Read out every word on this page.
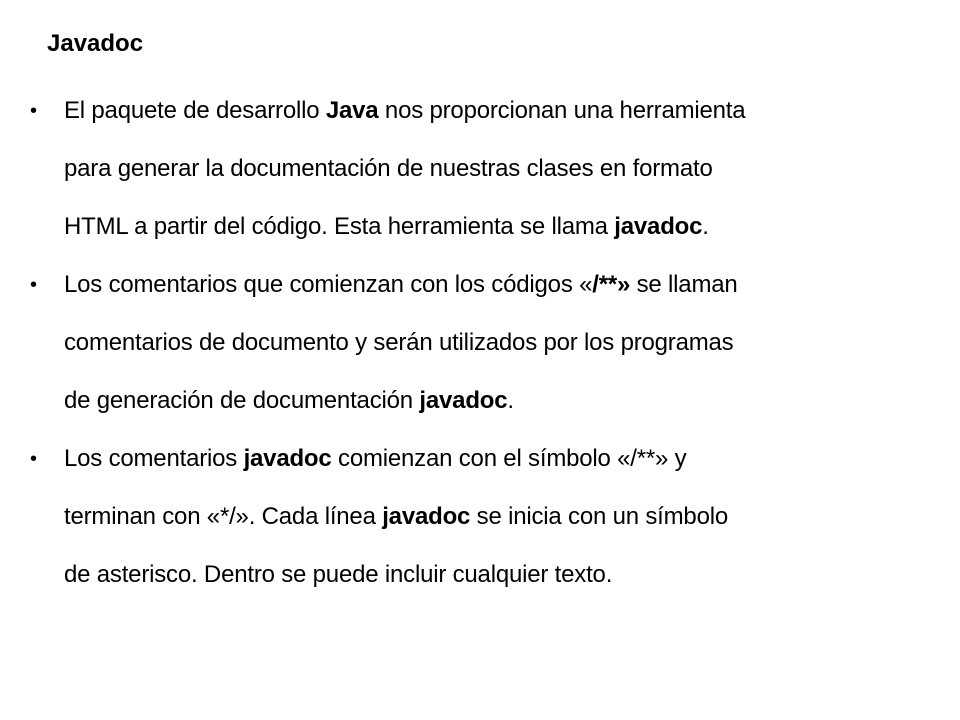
Javadoc
•	El paquete de desarrollo Java nos proporcionan una herramienta
para generar la documentación de nuestras clases en formato
HTML a partir del código. Esta herramienta se llama javadoc.
•	Los comentarios que comienzan con los códigos «/**» se llaman
comentarios de documento y serán utilizados por los programas
de generación de documentación javadoc.
•	Los comentarios javadoc comienzan con el símbolo «/**» y
terminan con «*/». Cada línea javadoc se inicia con un símbolo
de asterisco. Dentro se puede incluir cualquier texto.
